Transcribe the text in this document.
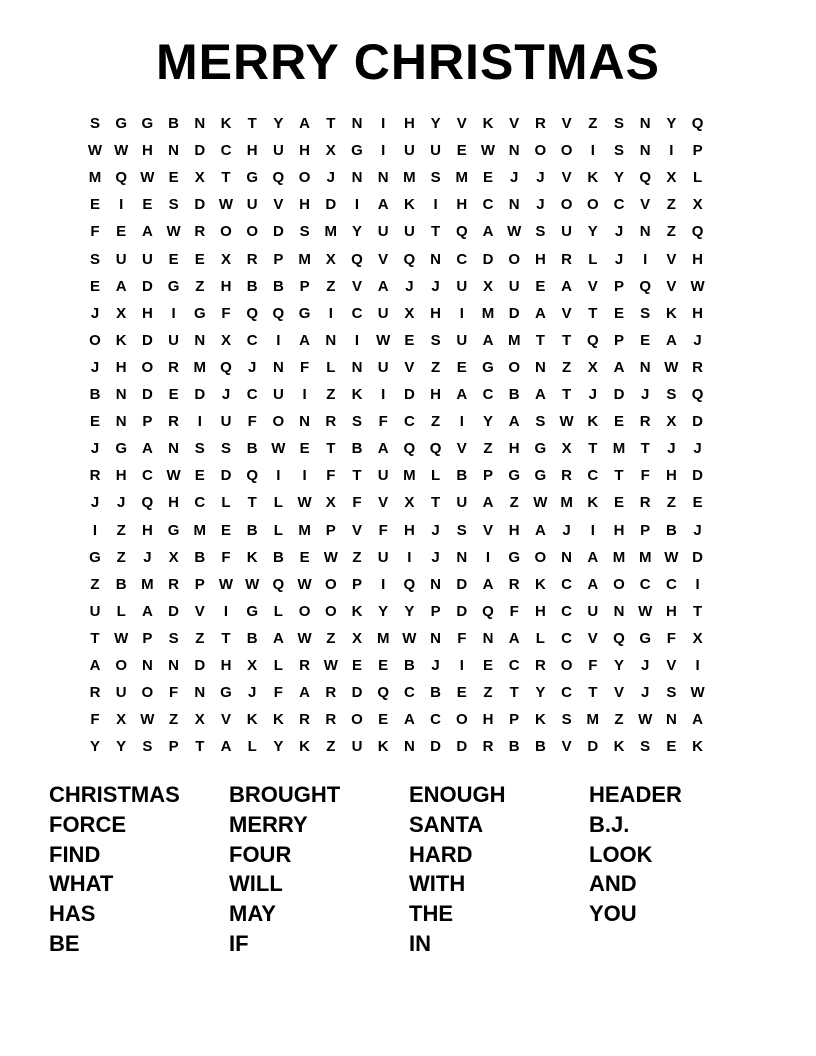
MERRY CHRISTMAS
S	G G B	N	K	T	Y	A	T	N	I	H	Y	V	K	V	R	V	Z	S	N	Y	Q
W W H	N	D	C	H	U	H	X	G	I	U	U	E W N O O	I	S	N	I	P
M Q W E	X	T	G Q O	J	N	N M S M E	J	J	V	K	Y	Q	X	L
E	I	E	S	D W U	V	H	D	I	A	K	I	H	C	N	J	O O C	V	Z	X
F	E	A W R O O D	S M Y	U	U	T	Q A W S	U	Y	J	N	Z	Q
S	U	U	E	E	X	R	P M X	Q	V	Q N	C	D O H	R	L	J	I	V	H
E	A	D G	Z	H	B	B	P	Z	V	A	J	J	U	X	U	E	A	V	P	Q	V W
J	X	H	I	G	F	Q Q G	I	C	U	X	H	I	M D	A	V	T	E	S	K	H
O K	D	U	N	X	C	I	A	N	I	W E	S	U	A M	T	T	Q	P	E	A	J
J	H O R M Q	J	N	F	L	N	U	V	Z	E	G O N	Z	X	A	N W R
B	N	D	E	D	J	C	U	I	Z	K	I	D	H	A	C	B	A	T	J	D	J	S	Q
E	N	P	R	I	U	F	O N	R	S	F	C	Z	I	Y	A	S W K	E	R	X	D
J	G A	N	S	S	B W E	T	B	A Q Q	V	Z	H G	X	T	M	T	J	J
R	H	C W E	D Q	I	I	F	T	U M	L	B	P	G G R	C	T	F	H	D
J	J	Q H	C	L	T	L W X	F	V	X	T	U	A	Z W M K	E	R	Z	E
I	Z	H G M E	B	L	M P	V	F	H	J	S	V	H	A	J	I	H	P	B	J
G	Z	J	X	B	F	K	B	E W Z	U	I	J	N	I	G O N	A M M W D
Z	B M R	P W W Q W O	P	I	Q N	D	A	R	K	C	A O C	C	I
U	L	A	D	V	I	G	L	O O K	Y	Y	P	D Q	F	H	C	U	N W H	T
T W P	S	Z	T	B	A W Z	X M W N	F	N	A	L	C	V	Q G	F	X
A O N	N	D	H	X	L	R W E	E	B	J	I	E	C	R O	F	Y	J	V	I
R	U O	F	N G	J	F	A	R	D Q C	B	E	Z	T	Y	C	T	V	J	S W
F	X W Z	X	V	K	K	R	R O	E	A	C O H	P	K	S M	Z W N	A
Y	Y	S	P	T	A	L	Y	K	Z	U	K	N	D	D	R	B	B	V	D	K	S	E	K
CHRISTMAS
FORCE
FIND
WHAT
HAS
BE
BROUGHT
MERRY
FOUR
WILL
MAY
IF
ENOUGH
SANTA
HARD
WITH
THE
IN
HEADER
B.J.
LOOK
AND
YOU
